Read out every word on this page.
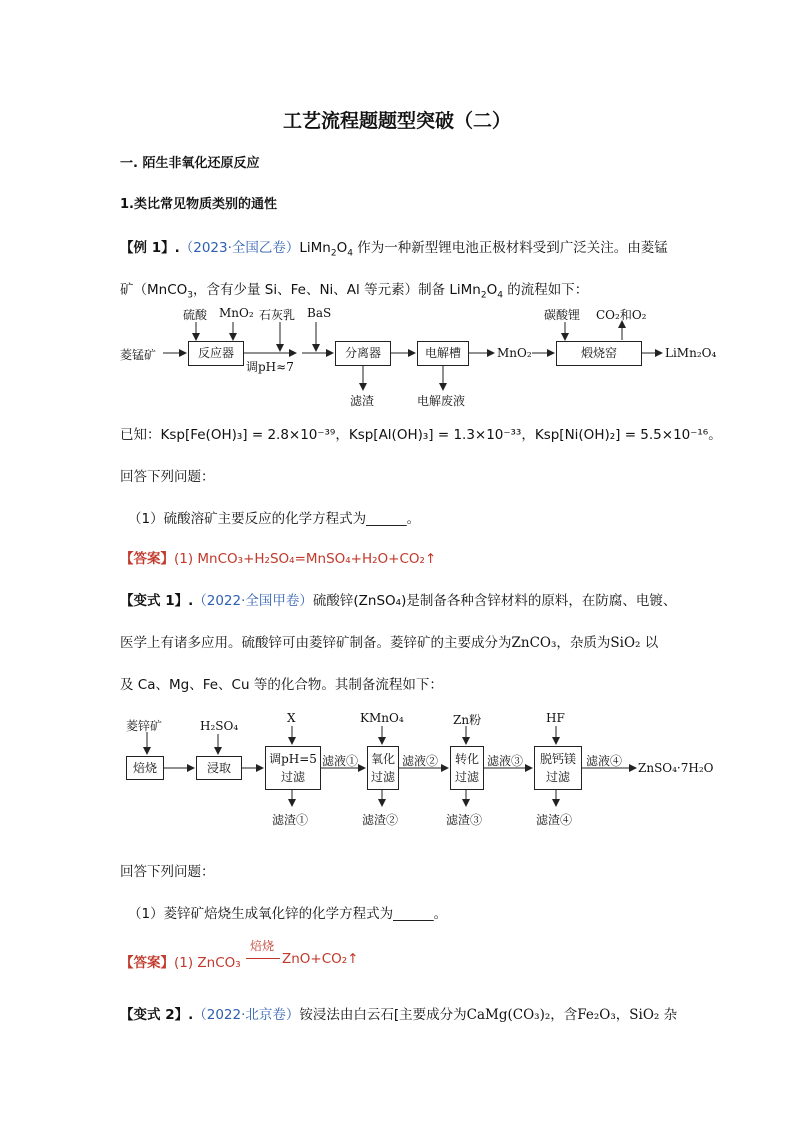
工艺流程题题型突破（二）
一. 陌生非氧化还原反应
1.类比常见物质类别的通性
【例 1】.（2023·全国乙卷）$LiMn_2O_4$ 作为一种新型锂电池正极材料受到广泛关注。由菱锰
矿（MnCO$_3$，含有少量 Si、Fe、Ni、Al 等元素）制备 $LiMn_2O_4$ 的流程如下：
菱锰矿
硫酸 MnO₂ 石灰乳 BaS
反应器
调pH≈7
分离器
滤渣
电解槽
电解废液
MnO₂
碳酸锂 CO₂和O₂
煅烧窑	LiMn₂O₄
已知：Ksp[Fe(OH)₃] = 2.8×10⁻³⁹，Ksp[Al(OH)₃] = 1.3×10⁻³³，Ksp[Ni(OH)₂] = 5.5×10⁻¹⁶。
回答下列问题：
（1）硫酸溶矿主要反应的化学方程式为______。
【答案】(1) MnCO₃+H₂SO₄=MnSO₄+H₂O+CO₂↑
【变式 1】.（2022·全国甲卷）硫酸锌(ZnSO₄)是制备各种含锌材料的原料，在防腐、电镀、
医学上有诸多应用。硫酸锌可由菱锌矿制备。菱锌矿的主要成分为ZnCO₃，杂质为SiO₂ 以
及 Ca、Mg、Fe、Cu 等的化合物。其制备流程如下：
菱锌矿
焙烧
H₂SO₄
浸取
X
调pH=5
过滤
滤液①
KMnO₄
氧化
过滤
滤液②
Zn粉
转化
过滤
滤液③
HF
脱钙镁
过滤
滤液④ ZnSO₄·7H₂O
滤渣①	滤渣②	滤渣③	滤渣④
回答下列问题：
（1）菱锌矿焙烧生成氧化锌的化学方程式为______。
【答案】(1) ZnCO₃
焙烧
ZnO+CO₂↑
【变式 2】.（2022·北京卷）铵浸法由白云石[主要成分为CaMg(CO₃)₂，含Fe₂O₃，SiO₂ 杂
